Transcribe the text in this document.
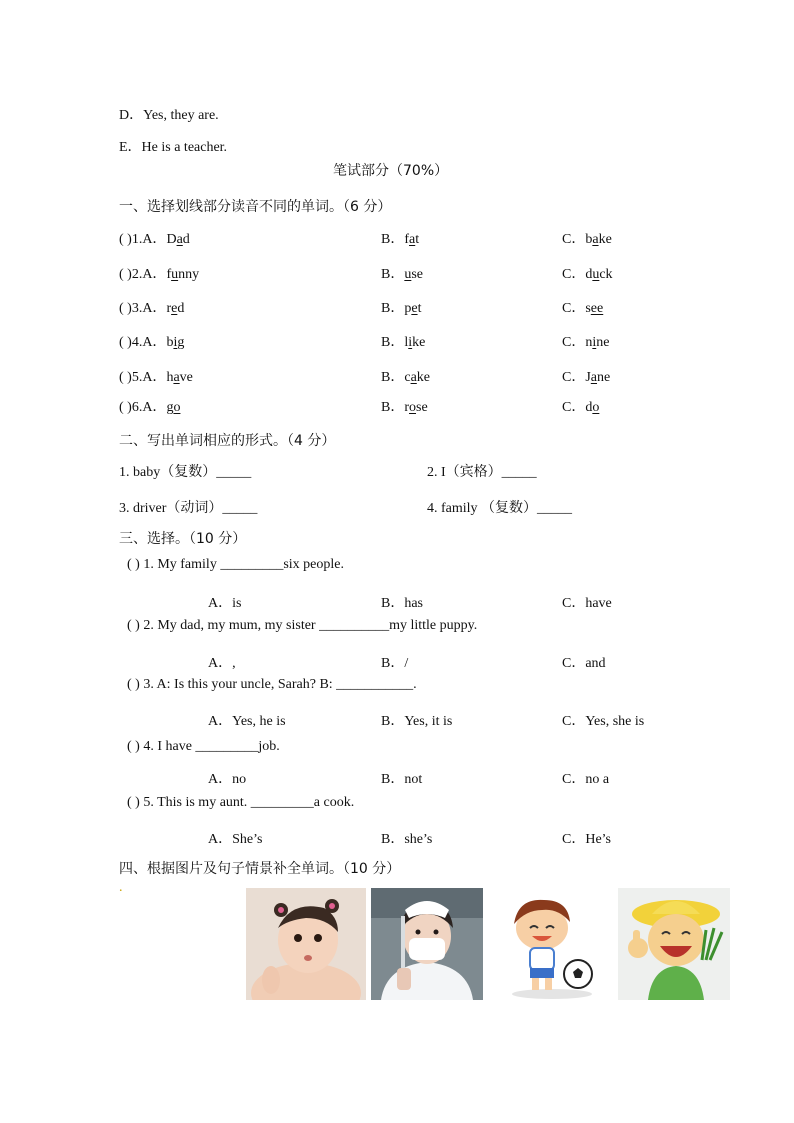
D．Yes, they are.
E．He is a teacher.
笔试部分（70%）
一、选择划线部分读音不同的单词。（6 分）
( )1.A．Dad	B．fat	C．bake
( )2.A．funny	B．use	C．duck
( )3.A．red	B．pet	C．see
( )4.A．big	B．like	C．nine
( )5.A．have	B．cake	C．Jane
( )6.A．go	B．rose	C．do
二、写出单词相应的形式。（4 分）
1. baby（复数）_____	2. I（宾格）_____
3. driver（动词）_____	4. family （复数）_____
三、选择。（10 分）
( ) 1. My family _________six people.
A．is	B．has	C．have
( ) 2. My dad, my mum, my sister __________my little puppy.
A．,	B．/	C．and
( ) 3. A: Is this your uncle, Sarah? B: ___________.
A．Yes, he is	B．Yes, it is	C．Yes, she is
( ) 4. I have _________job.
A．no	B．not	C．no a
( ) 5. This is my aunt. _________a cook.
A．She’s	B．she’s	C．He’s
四、根据图片及句子情景补全单词。（10 分）
.
